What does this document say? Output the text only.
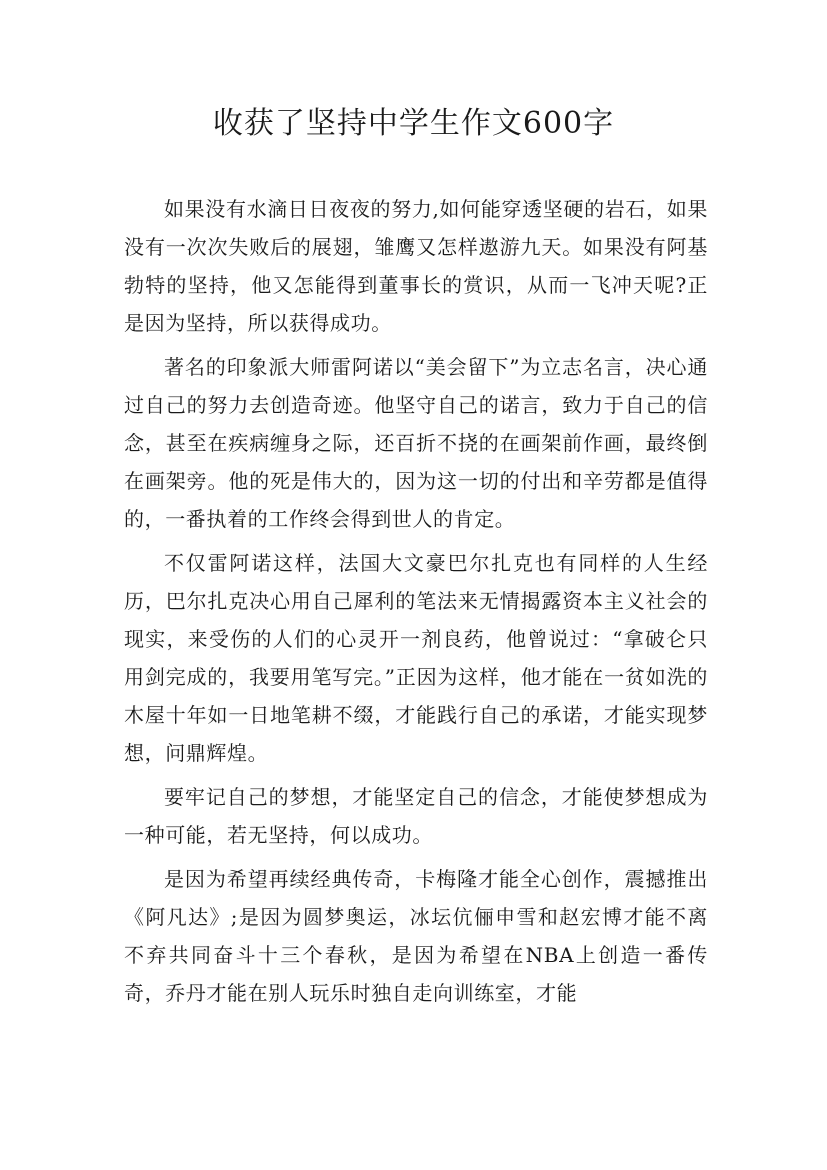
收获了坚持中学生作文600字

如果没有水滴日日夜夜的努力,如何能穿透坚硬的岩石，如果没有一次次失败后的展翅，雏鹰又怎样遨游九天。如果没有阿基勃特的坚持，他又怎能得到董事长的赏识，从而一飞冲天呢?正是因为坚持，所以获得成功。

著名的印象派大师雷阿诺以“美会留下”为立志名言，决心通过自己的努力去创造奇迹。他坚守自己的诺言，致力于自己的信念，甚至在疾病缠身之际，还百折不挠的在画架前作画，最终倒在画架旁。他的死是伟大的，因为这一切的付出和辛劳都是值得的，一番执着的工作终会得到世人的肯定。

不仅雷阿诺这样，法国大文豪巴尔扎克也有同样的人生经历，巴尔扎克决心用自己犀利的笔法来无情揭露资本主义社会的现实，来受伤的人们的心灵开一剂良药，他曾说过：“拿破仑只用剑完成的，我要用笔写完。”正因为这样，他才能在一贫如洗的木屋十年如一日地笔耕不缀，才能践行自己的承诺，才能实现梦想，问鼎辉煌。

要牢记自己的梦想，才能坚定自己的信念，才能使梦想成为一种可能，若无坚持，何以成功。

是因为希望再续经典传奇，卡梅隆才能全心创作，震撼推出《阿凡达》;是因为圆梦奥运，冰坛伉俪申雪和赵宏博才能不离不弃共同奋斗十三个春秋，是因为希望在NBA上创造一番传奇，乔丹才能在别人玩乐时独自走向训练室，才能
